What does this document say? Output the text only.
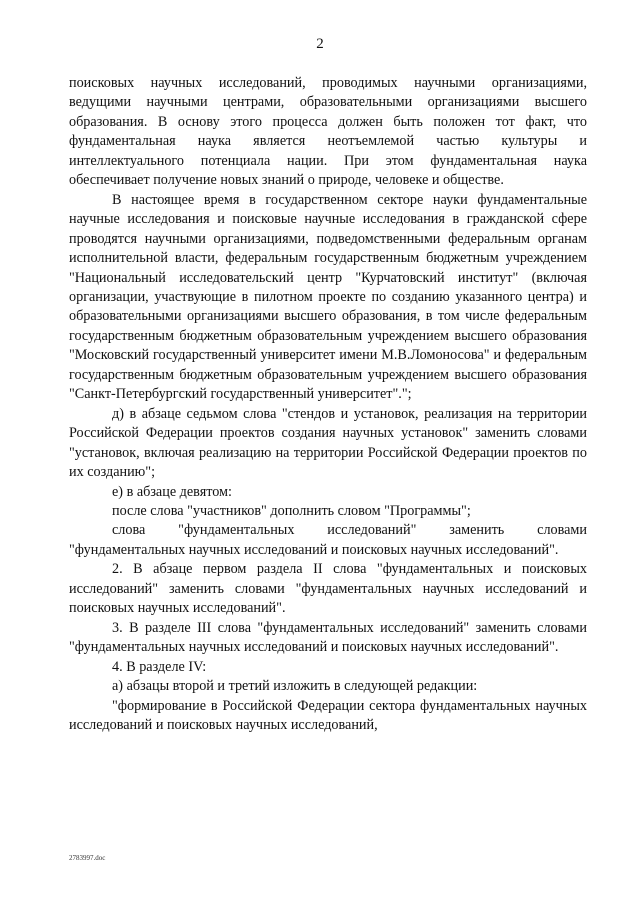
2

поисковых научных исследований, проводимых научными организациями, ведущими научными центрами, образовательными организациями высшего образования. В основу этого процесса должен быть положен тот факт, что фундаментальная наука является неотъемлемой частью культуры и интеллектуального потенциала нации. При этом фундаментальная наука обеспечивает получение новых знаний о природе, человеке и обществе.

В настоящее время в государственном секторе науки фундаментальные научные исследования и поисковые научные исследования в гражданской сфере проводятся научными организациями, подведомственными федеральным органам исполнительной власти, федеральным государственным бюджетным учреждением "Национальный исследовательский центр "Курчатовский институт" (включая организации, участвующие в пилотном проекте по созданию указанного центра) и образовательными организациями высшего образования, в том числе федеральным государственным бюджетным образовательным учреждением высшего образования "Московский государственный университет имени М.В.Ломоносова" и федеральным государственным бюджетным образовательным учреждением высшего образования "Санкт-Петербургский государственный университет".";

д) в абзаце седьмом слова "стендов и установок, реализация на территории Российской Федерации проектов создания научных установок" заменить словами "установок, включая реализацию на территории Российской Федерации проектов по их созданию";

е) в абзаце девятом:

после слова "участников" дополнить словом "Программы";

слова "фундаментальных исследований" заменить словами "фундаментальных научных исследований и поисковых научных исследований".

2. В абзаце первом раздела II слова "фундаментальных и поисковых исследований" заменить словами "фундаментальных научных исследований и поисковых научных исследований".

3. В разделе III слова "фундаментальных исследований" заменить словами "фундаментальных научных исследований и поисковых научных исследований".

4. В разделе IV:

а) абзацы второй и третий изложить в следующей редакции:

"формирование в Российской Федерации сектора фундаментальных научных исследований и поисковых научных исследований,

2783997.doc
